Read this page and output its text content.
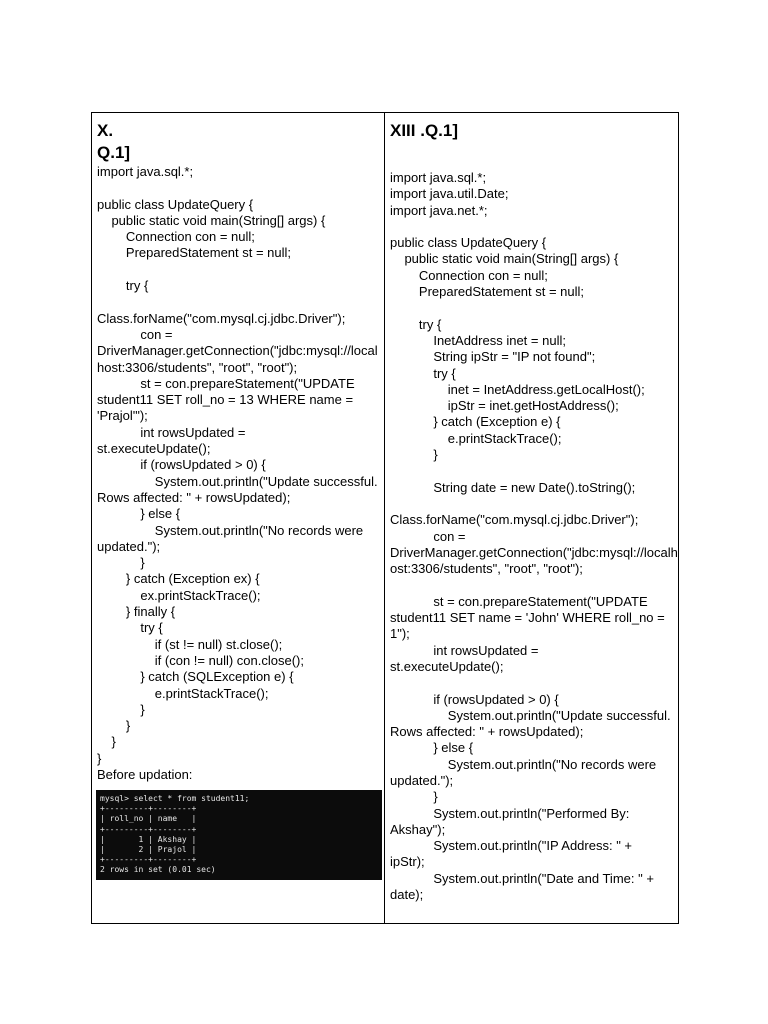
X.
Q.1]

import java.sql.*;

public class UpdateQuery {
public static void main(String[] args) {
Connection con = null;
PreparedStatement st = null;

try {

Class.forName("com.mysql.cj.jdbc.Driver");
con =
DriverManager.getConnection("jdbc:mysql://localhost:3306/students", "root", "root");
st = con.prepareStatement("UPDATE student11 SET roll_no = 13 WHERE name = 'Prajol'");
int rowsUpdated =
st.executeUpdate();
if (rowsUpdated > 0) {
System.out.println("Update successful. Rows affected: " + rowsUpdated);
} else {
System.out.println("No records were updated.");
}
} catch (Exception ex) {
ex.printStackTrace();
} finally {
try {
if (st != null) st.close();
if (con != null) con.close();
} catch (SQLException e) {
e.printStackTrace();
}
}
}
}

Before updation:

mysql> select * from student11;
+---------+--------+
| roll_no | name   |
+---------+--------+
|       1 | Akshay |
|       2 | Prajol |
+---------+--------+
2 rows in set (0.01 sec)

XIII .Q.1]

import java.sql.*;
import java.util.Date;
import java.net.*;

public class UpdateQuery {
public static void main(String[] args) {
Connection con = null;
PreparedStatement st = null;

try {
InetAddress inet = null;
String ipStr = "IP not found";
try {
inet = InetAddress.getLocalHost();
ipStr = inet.getHostAddress();
} catch (Exception e) {
e.printStackTrace();
}

String date = new Date().toString();

Class.forName("com.mysql.cj.jdbc.Driver");
con =
DriverManager.getConnection("jdbc:mysql://localhost:3306/students", "root", "root");

st = con.prepareStatement("UPDATE student11 SET name = 'John' WHERE roll_no = 1");
int rowsUpdated =
st.executeUpdate();

if (rowsUpdated > 0) {
System.out.println("Update successful. Rows affected: " + rowsUpdated);
} else {
System.out.println("No records were updated.");
}
System.out.println("Performed By: Akshay");
System.out.println("IP Address: " +
ipStr);
System.out.println("Date and Time: " +
date);
